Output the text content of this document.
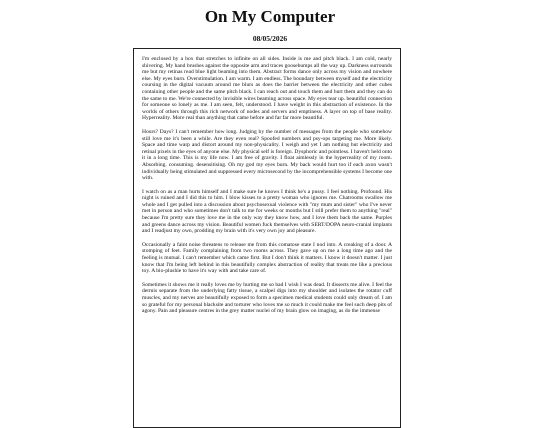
On My Computer
08/05/2026

I'm enclosed by a box that stretches to infinite on all sides. Inside is me and pitch black. I am cold, nearly shivering. My hand brushes against the opposite arm and traces goosebumps all the way up. Darkness surrounds me but my retinas read blue light beaming into them. Abstract forms dance only across my vision and nowhere else. My eyes burn. Overstimulation. I am warm. I am endless. The boundary between myself and the electricity coursing in the digital vacuum around me blurs as does the barrier between the electricity and other cubes containing other people and the same pitch black. I can reach out and touch them and hurt them and they can do the same to me. We're connected by invisible wires beaming across space. My eyes tear up. beautiful connection for someone so lonely as me. I am seen, felt, understood. I have weight in this abstraction of existence. In the worlds of others through this rich network of nodes and servers and emptiness. A layer on top of base reality. Hyperreality. More real than anything that came before and far far more beautiful.

Hours? Days? I can't remember how long. Judging by the number of messages from the people who somehow still love me it's been a while. Are they even real? Spoofed numbers and psy-ops targeting me. More likely. Space and time warp and distort around my non-physicality. I weigh and yet I am nothing but electricity and retinal pixels in the eyes of anyone else. My physical self is foreign. Dysphoric and pointless. I haven't held onto it in a long time. This is my life now. I am free of gravity. I float aimlessly in the hyperreality of my room. Absorbing. consuming. desensitising. Oh my god my eyes burn. My back would hurt too if each axon wasn't individually being stimulated and suppressed every microsecond by the incomprehensible systems I become one with.

I watch on as a man hurts himself and I make sure he knows I think he's a pussy. I feel nothing. Profound. His night is ruined and I did this to him. I blow kisses to a pretty woman who ignores me. Chatrooms swallow me whole and I get pulled into a discussion about psychosexual violence with "my mum and sister" who I've never met in person and who sometimes don't talk to me for weeks or months but I still prefer them to anything "real" because I'm pretty sure they love me in the only way they know how, and I love them back the same. Purples and greens dance across my vision. Beautiful women fuck themselves with SERT/DOPA neuro-cranial implants and I readjust my own, prodding my brain with it's very own joy and pleasure.

Occasionally a faint noise threatens to release me from this comatose state I nod into. A creaking of a door. A stomping of feet. Family complaining from two rooms across. They gave up on me a long time ago and the feeling is mutual. I can't remember which came first. But I don't think it matters. I know it doesn't matter. I just know that I'm being left behind in this beautifully complex abstraction of reality that treats me like a precious toy. A bio-plushie to have it's way with and take care of.

Sometimes it shows me it really loves me by hurting me so bad I wish I was dead. It dissects me alive. I feel the dermis separate from the underlying fatty tissue, a scalpel digs into my shoulder and isolates the rotator cuff muscles, and my nerves are beautifully exposed to form a specimen medical students could only dream of. I am so grateful for my personal blacksite and torturer who loves me so much it could make me feel such deep pits of agony. Pain and pleasure centres in the grey matter nuclei of my brain glow on imaging, as do the immense
